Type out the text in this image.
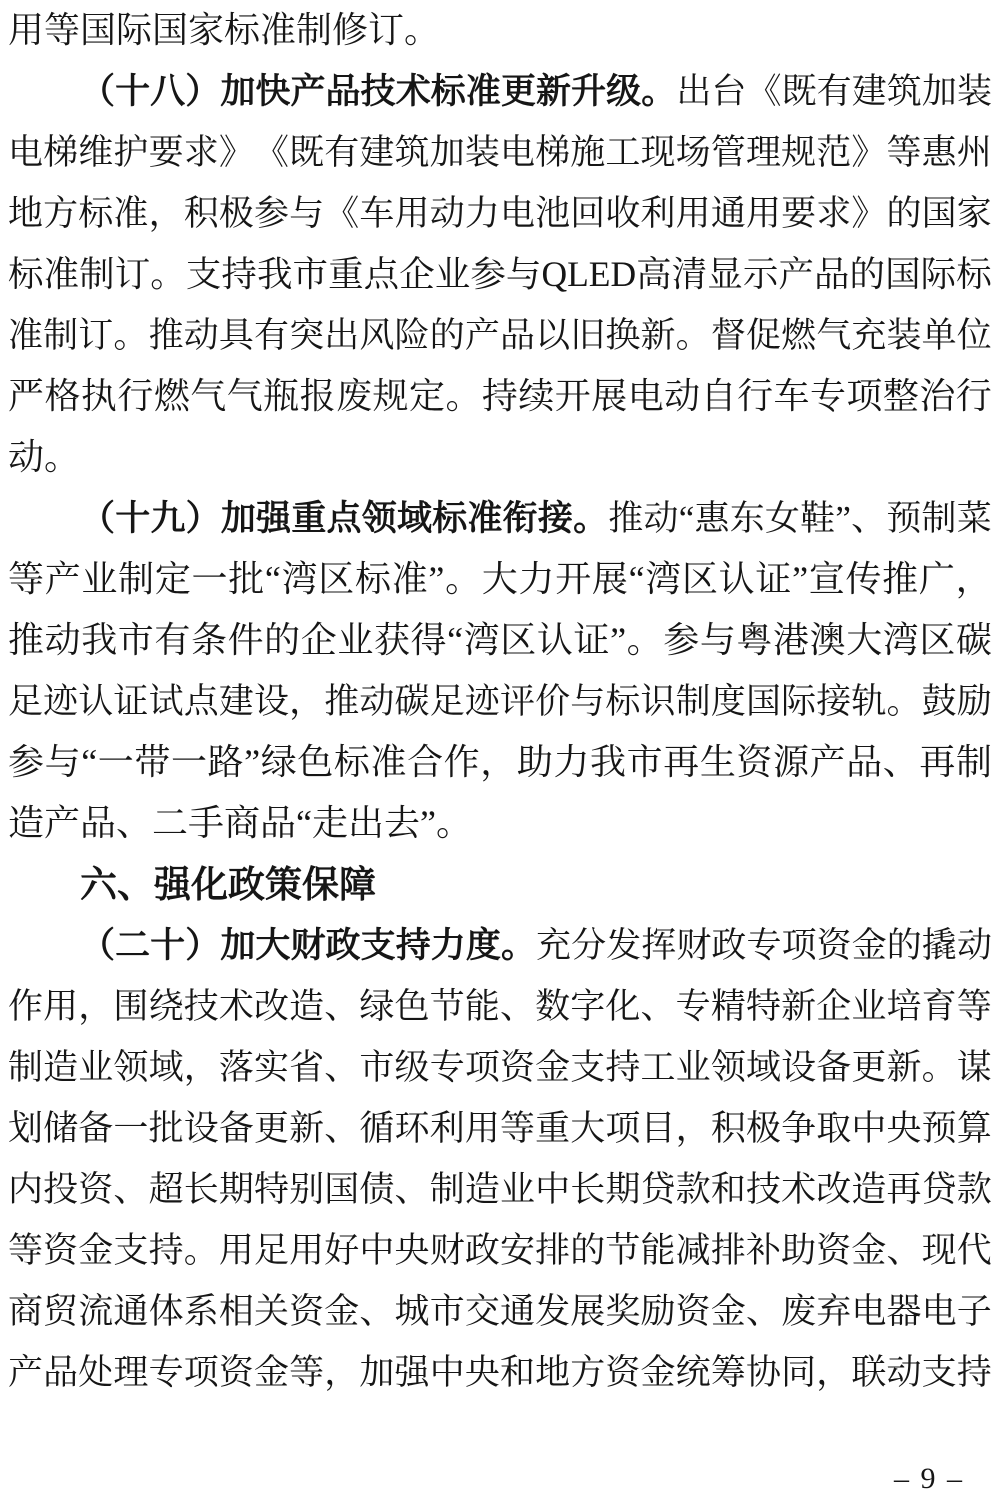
用等国际国家标准制修订。
（ 十 八 ） 加 快 产 品 技 术 标 准 更 新 升 级 。 出 台 《 既 有 建 筑 加 装
电 梯 维 护 要 求 》 《 既 有 建 筑 加 装 电 梯 施 工 现 场 管 理 规 范 》 等 惠 州
地 方 标 准 ， 积 极 参 与 《 车 用 动 力 电 池 回 收 利 用 通 用 要 求 》 的 国 家
标 准 制 订 。 支 持 我 市 重 点 企 业 参 与 QLED 高 清 显 示 产 品 的 国 际 标
准 制 订 。 推 动 具 有 突 出 风 险 的 产 品 以 旧 换 新 。 督 促 燃 气 充 装 单 位
严 格 执 行 燃 气 气 瓶 报 废 规 定 。 持 续 开 展 电 动 自 行 车 专 项 整 治 行
动。
（ 十 九 ） 加 强 重 点 领 域 标 准 衔 接 。 推 动 “ 惠 东 女 鞋 ” 、 预 制 菜
等 产 业 制 定 一 批 “ 湾 区 标 准 ” 。 大 力 开 展 “ 湾 区 认 证 ” 宣 传 推 广 ，
推 动 我 市 有 条 件 的 企 业 获 得 “ 湾 区 认 证 ” 。 参 与 粤 港 澳 大 湾 区 碳
足 迹 认 证 试 点 建 设 ， 推 动 碳 足 迹 评 价 与 标 识 制 度 国 际 接 轨 。 鼓 励
参 与 “ 一 带 一 路 ” 绿 色 标 准 合 作 ， 助 力 我 市 再 生 资 源 产 品 、 再 制
造产品、二手商品“走出去”。
六、强化政策保障
（ 二 十 ） 加 大 财 政 支 持 力 度 。 充 分 发 挥 财 政 专 项 资 金 的 撬 动
作 用 ， 围 绕 技 术 改 造 、 绿 色 节 能 、 数 字 化 、 专 精 特 新 企 业 培 育 等
制 造 业 领 域 ， 落 实 省 、 市 级 专 项 资 金 支 持 工 业 领 域 设 备 更 新 。 谋
划 储 备 一 批 设 备 更 新 、 循 环 利 用 等 重 大 项 目 ， 积 极 争 取 中 央 预 算
内 投 资 、 超 长 期 特 别 国 债 、 制 造 业 中 长 期 贷 款 和 技 术 改 造 再 贷 款
等 资 金 支 持 。 用 足 用 好 中 央 财 政 安 排 的 节 能 减 排 补 助 资 金 、 现 代
商 贸 流 通 体 系 相 关 资 金 、 城 市 交 通 发 展 奖 励 资 金 、 废 弃 电 器 电 子
产 品 处 理 专 项 资 金 等 ， 加 强 中 央 和 地 方 资 金 统 筹 协 同 ， 联 动 支 持
– 9 –
